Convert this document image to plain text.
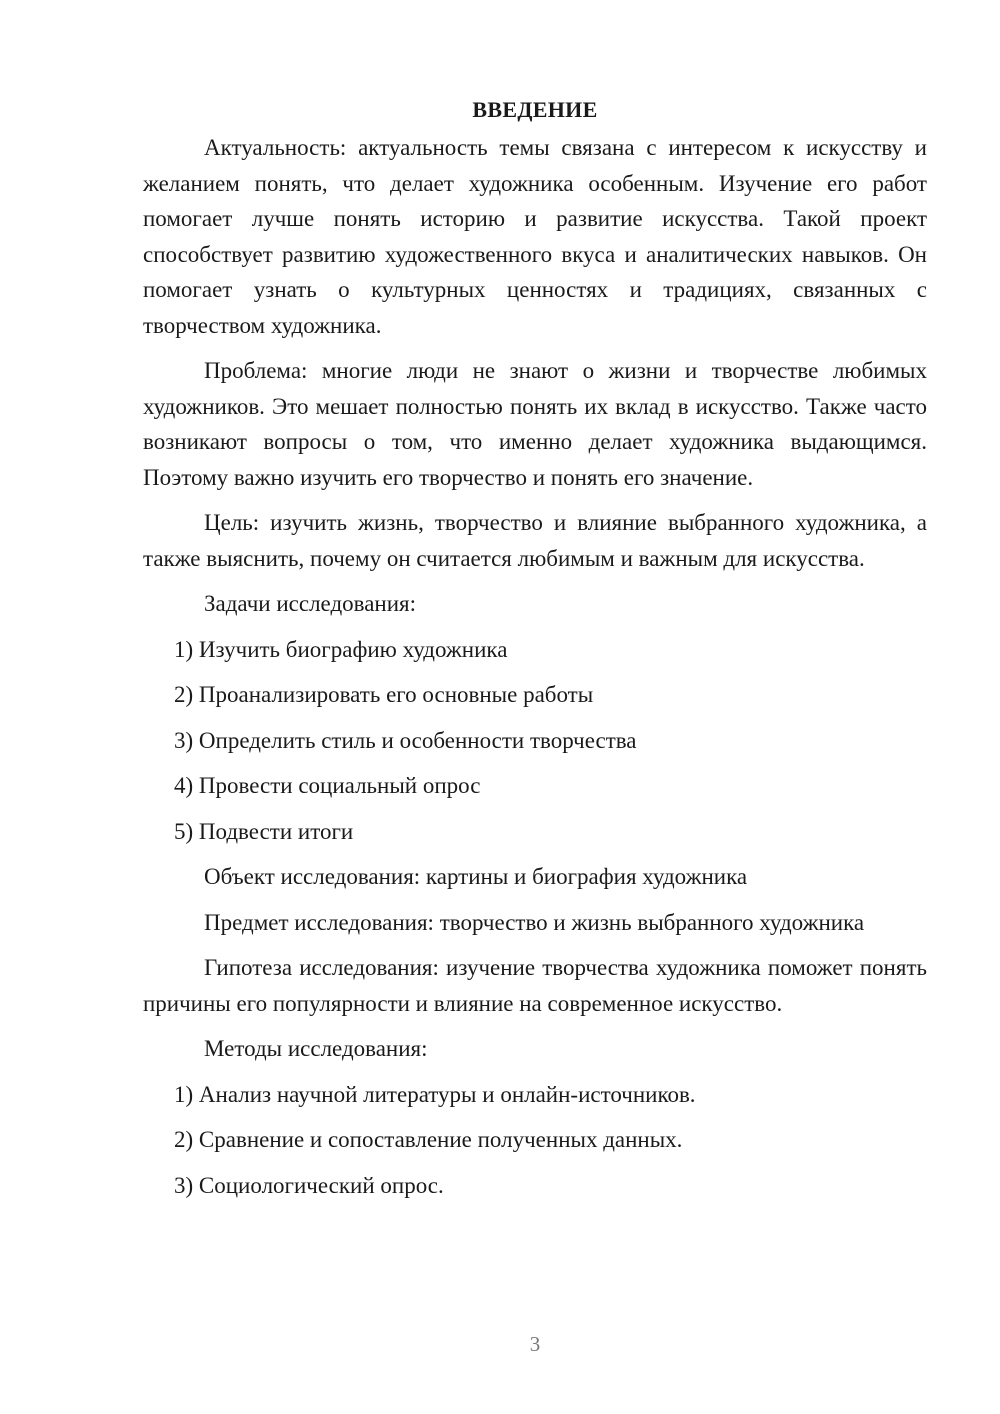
ВВЕДЕНИЕ

Актуальность: актуальность темы связана с интересом к искусству и желанием понять, что делает художника особенным. Изучение его работ помогает лучше понять историю и развитие искусства. Такой проект способствует развитию художественного вкуса и аналитических навыков. Он помогает узнать о культурных ценностях и традициях, связанных с творчеством художника.

Проблема: многие люди не знают о жизни и творчестве любимых художников. Это мешает полностью понять их вклад в искусство. Также часто возникают вопросы о том, что именно делает художника выдающимся. Поэтому важно изучить его творчество и понять его значение.

Цель: изучить жизнь, творчество и влияние выбранного художника, а также выяснить, почему он считается любимым и важным для искусства.

Задачи исследования:
1) Изучить биографию художника
2) Проанализировать его основные работы
3) Определить стиль и особенности творчества
4) Провести социальный опрос
5) Подвести итоги
Объект исследования: картины и биография художника
Предмет исследования: творчество и жизнь выбранного художника

Гипотеза исследования: изучение творчества художника поможет понять причины его популярности и влияние на современное искусство.

Методы исследования:
1) Анализ научной литературы и онлайн-источников.
2) Сравнение и сопоставление полученных данных.
3) Социологический опрос.
3
